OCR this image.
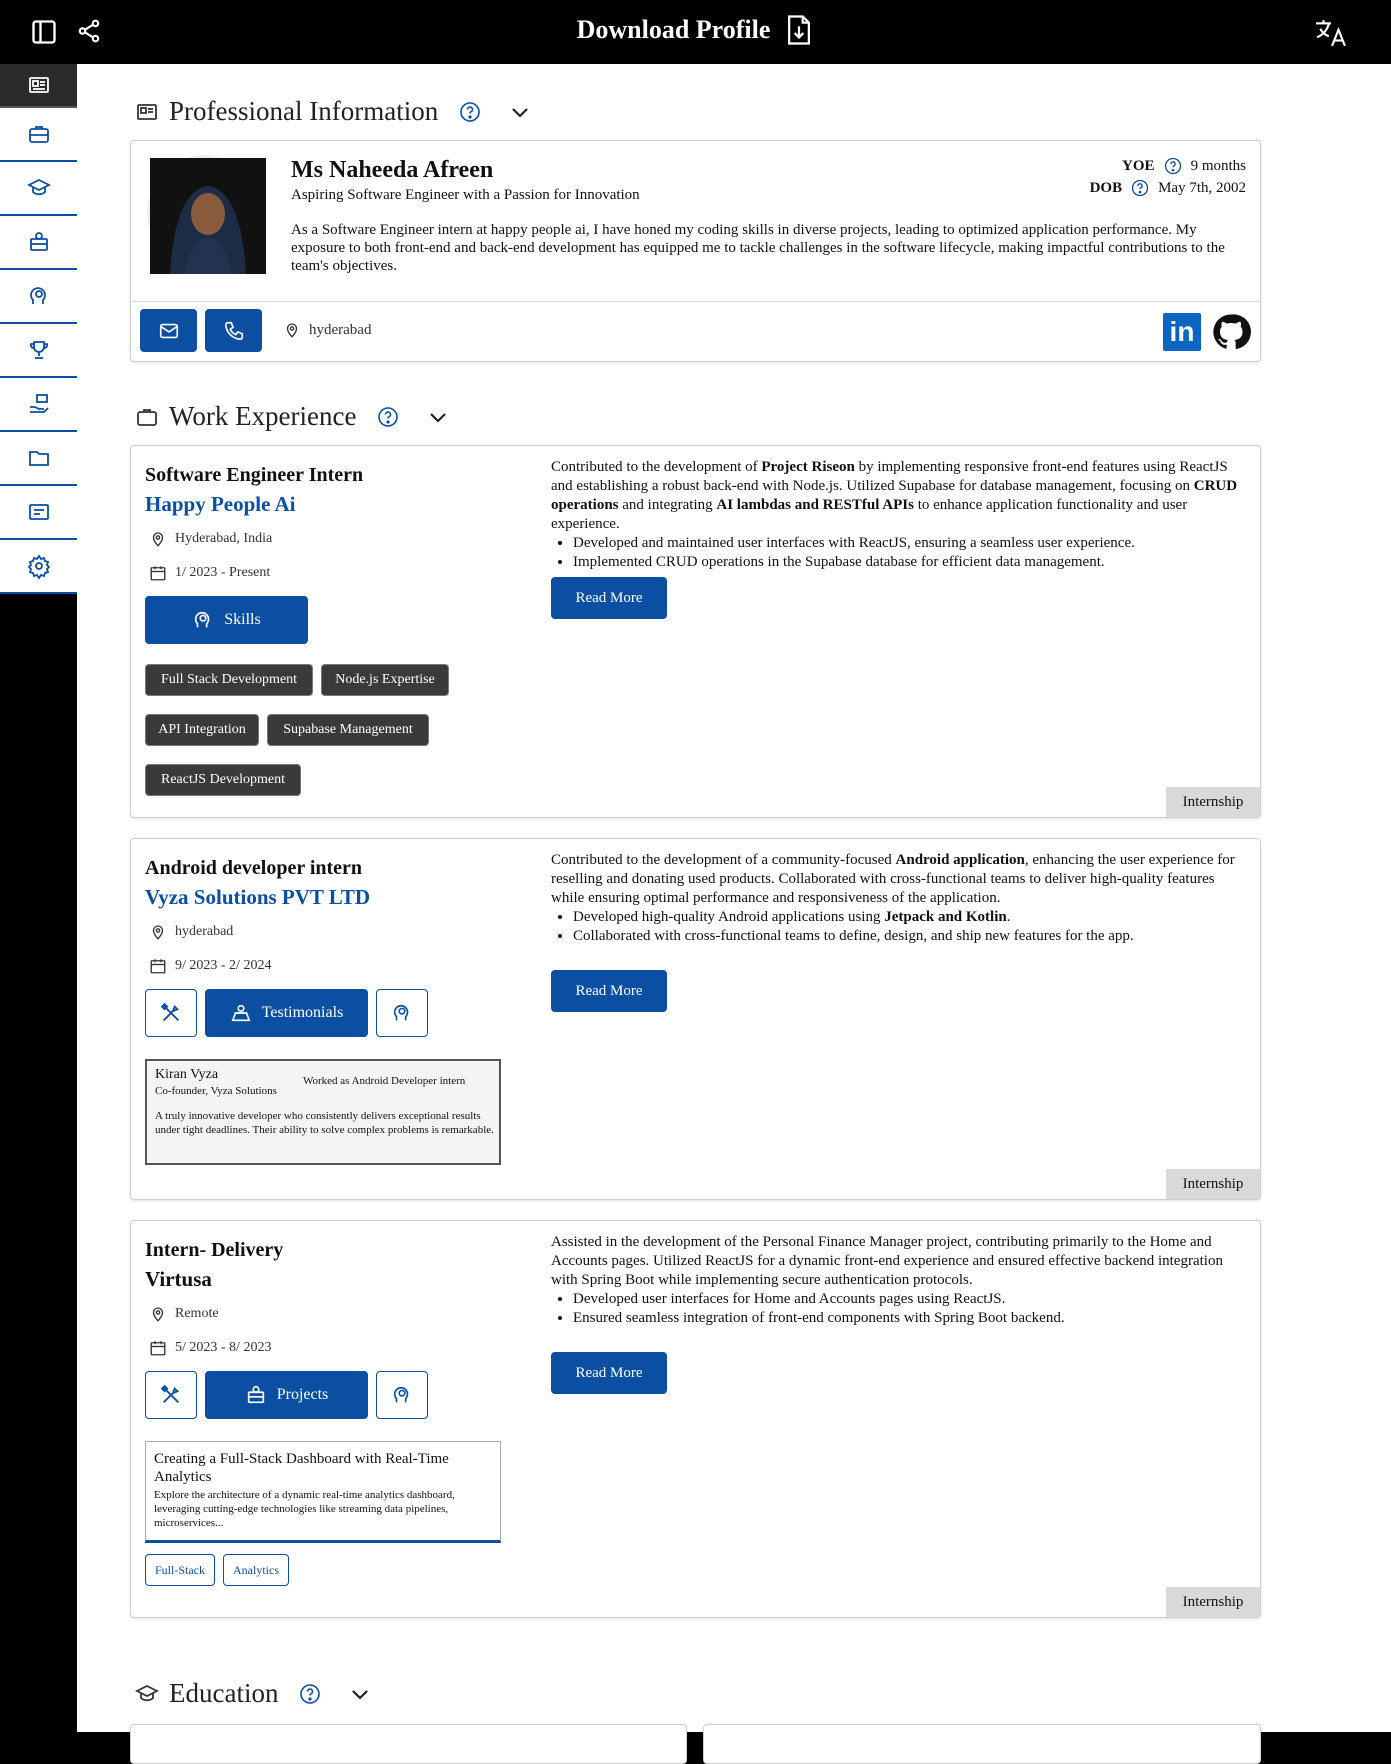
Download Profile
Professional Information
Ms Naheeda Afreen
Aspiring Software Engineer with a Passion for Innovation
As a Software Engineer intern at happy people ai, I have honed my coding skills in diverse projects, leading to optimized application performance. My exposure to both front-end and back-end development has equipped me to tackle challenges in the software lifecycle, making impactful contributions to the team's objectives.
YOE 9 months
DOB May 7th, 2002
hyderabad	in
Work Experience
Software Engineer Intern
Happy People Ai
Hyderabad, India
1/ 2023 - Present
Skills
Full Stack Development	Node.js Expertise
API Integration	Supabase Management
ReactJS Development
Contributed to the development of Project Riseon by implementing responsive front-end features using ReactJS and establishing a robust back-end with Node.js. Utilized Supabase for database management, focusing on CRUD operations and integrating AI lambdas and RESTful APIs to enhance application functionality and user experience.
• Developed and maintained user interfaces with ReactJS, ensuring a seamless user experience.
• Implemented CRUD operations in the Supabase database for efficient data management.
Read More
Internship
Android developer intern
Vyza Solutions PVT LTD
hyderabad
9/ 2023 - 2/ 2024
Testimonials
Kiran Vyza
Co-founder, Vyza Solutions
Worked as Android Developer intern
A truly innovative developer who consistently delivers exceptional results under tight deadlines. Their ability to solve complex problems is remarkable.
Contributed to the development of a community-focused Android application, enhancing the user experience for reselling and donating used products. Collaborated with cross-functional teams to deliver high-quality features while ensuring optimal performance and responsiveness of the application.
• Developed high-quality Android applications using Jetpack and Kotlin.
• Collaborated with cross-functional teams to define, design, and ship new features for the app.
Read More
Internship
Intern- Delivery
Virtusa
Remote
5/ 2023 - 8/ 2023
Projects
Creating a Full-Stack Dashboard with Real-Time Analytics
Explore the architecture of a dynamic real-time analytics dashboard, leveraging cutting-edge technologies like streaming data pipelines, microservices...
Full-Stack	Analytics
Assisted in the development of the Personal Finance Manager project, contributing primarily to the Home and Accounts pages. Utilized ReactJS for a dynamic front-end experience and ensured effective backend integration with Spring Boot while implementing secure authentication protocols.
• Developed user interfaces for Home and Accounts pages using ReactJS.
• Ensured seamless integration of front-end components with Spring Boot backend.
Read More
Internship
Education
